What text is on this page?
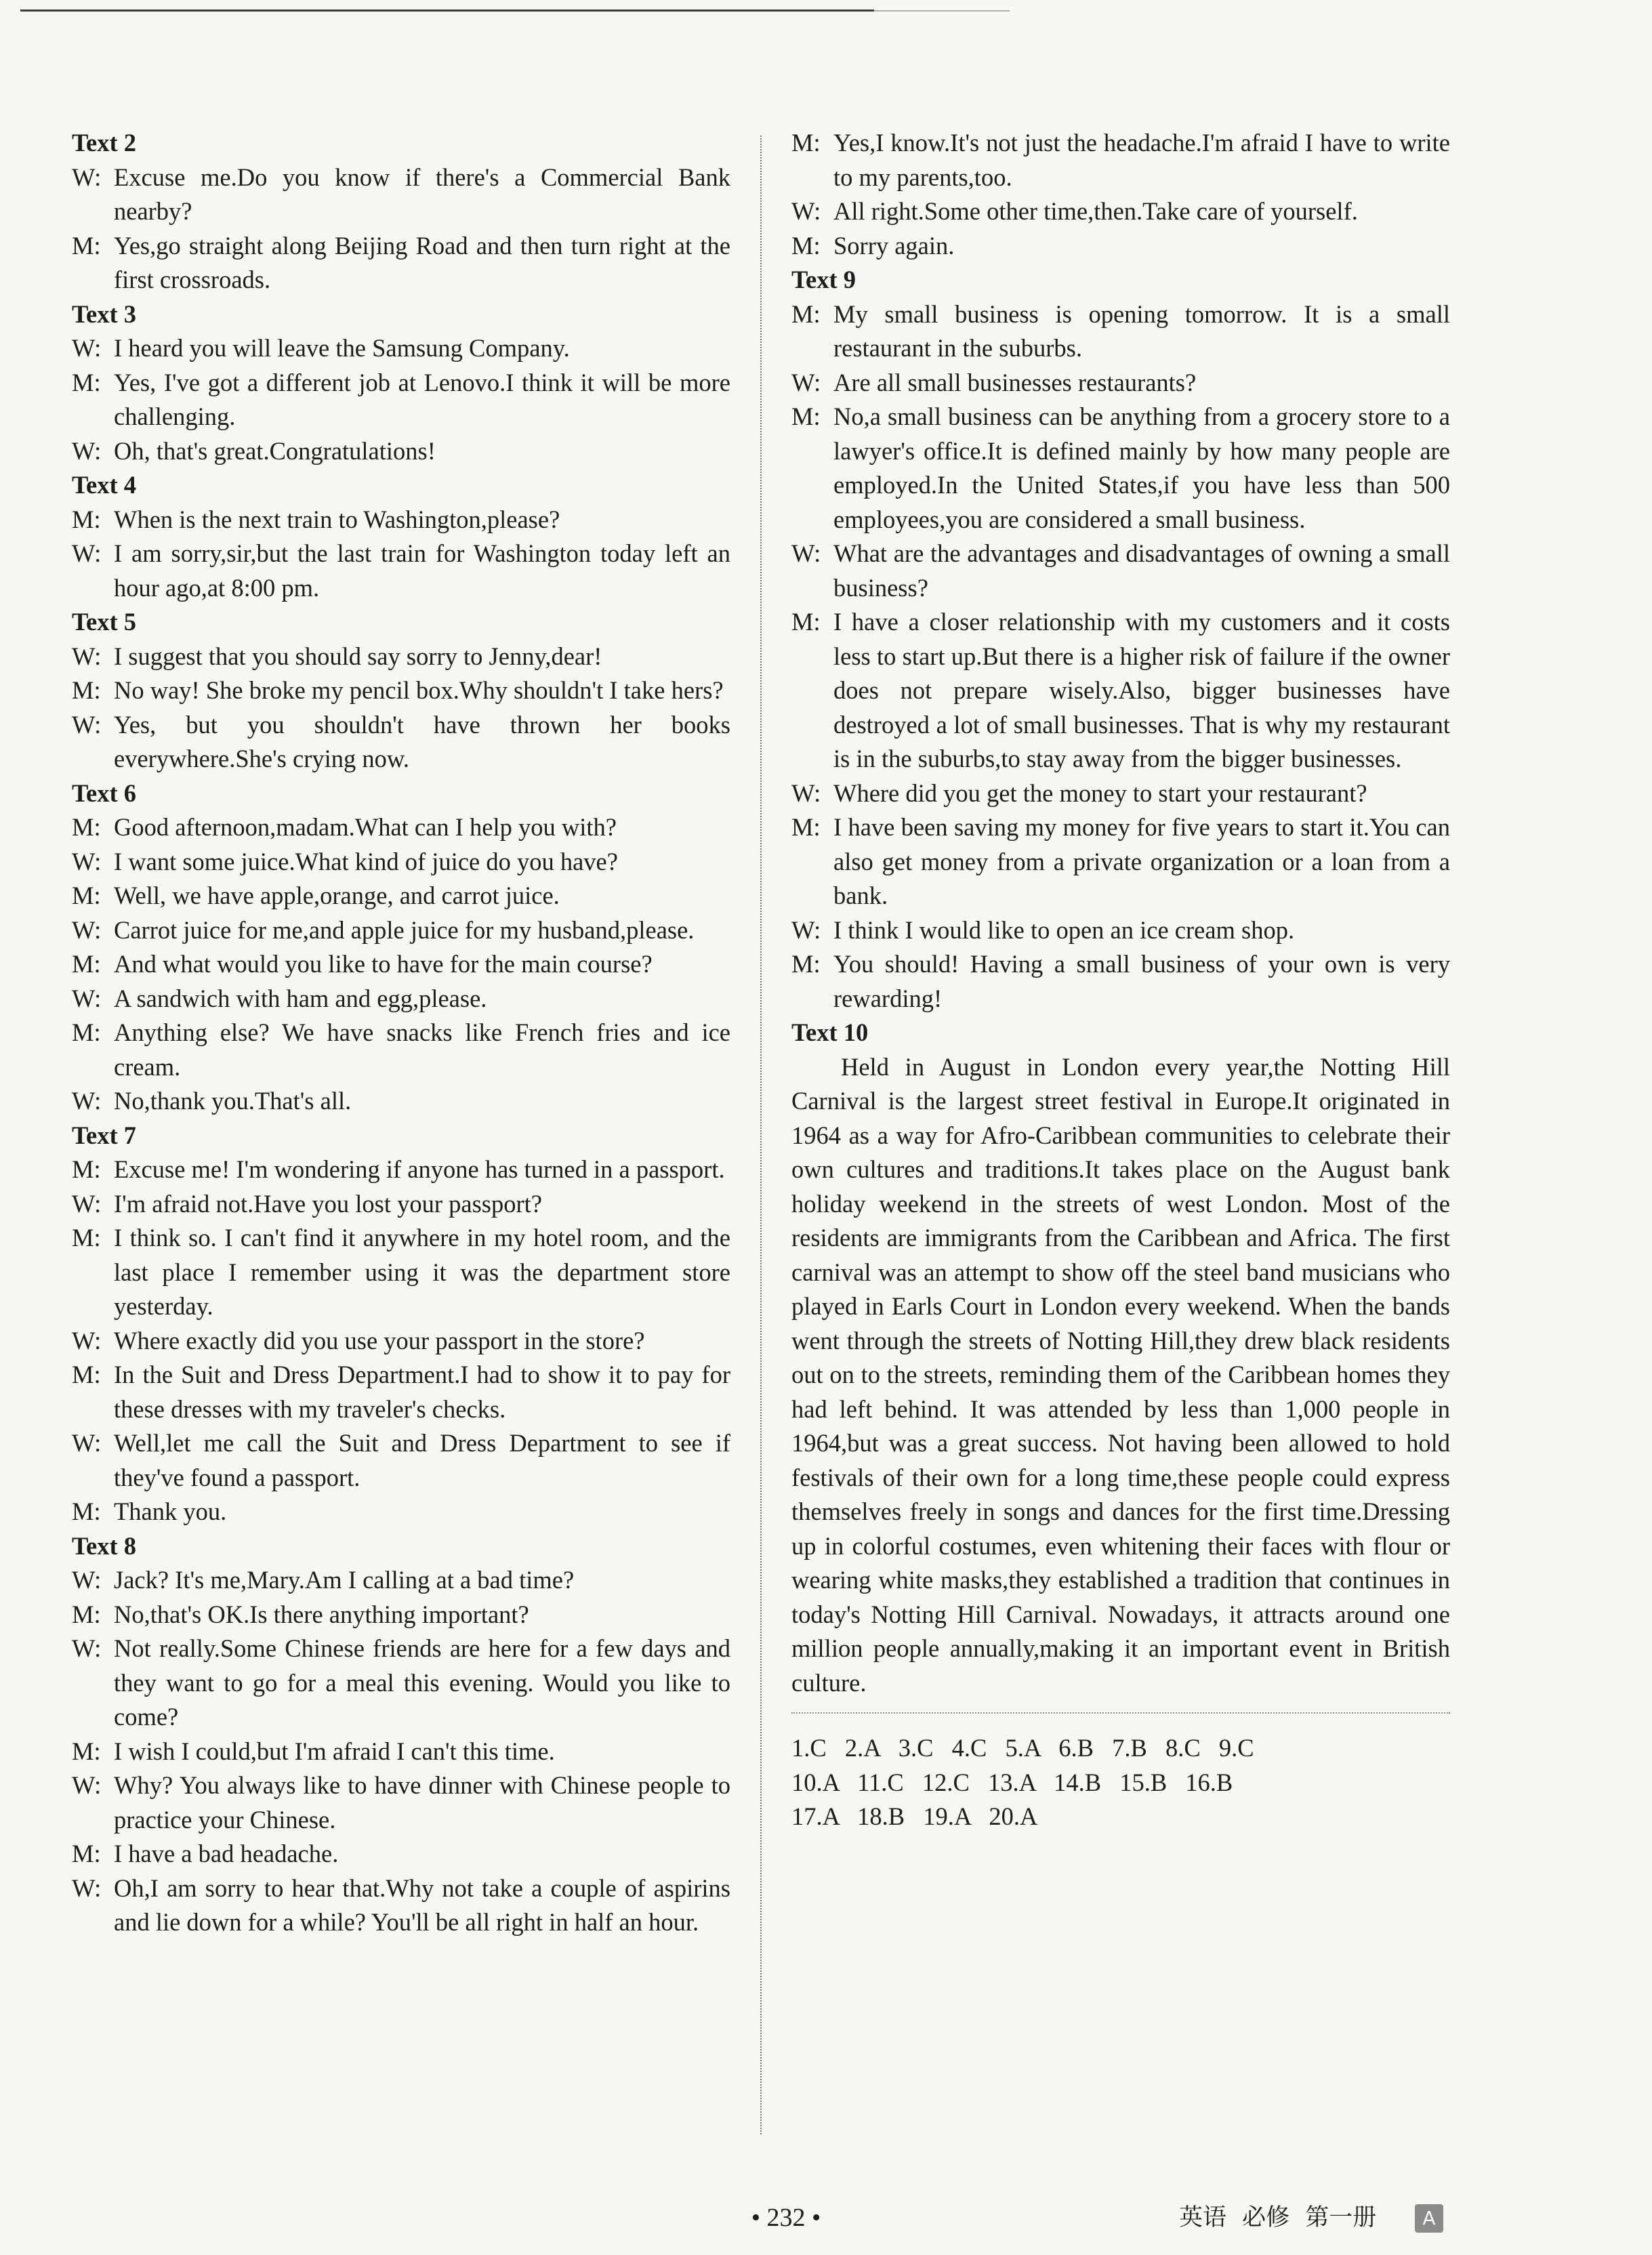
Text 2
W: Excuse me.Do you know if there's a Commercial Bank nearby?
M: Yes,go straight along Beijing Road and then turn right at the first crossroads.
Text 3
W: I heard you will leave the Samsung Company.
M: Yes, I've got a different job at Lenovo.I think it will be more challenging.
W: Oh, that's great.Congratulations!
Text 4
M: When is the next train to Washington,please?
W: I am sorry,sir,but the last train for Washington today left an hour ago,at 8:00 pm.
Text 5
W: I suggest that you should say sorry to Jenny,dear!
M: No way! She broke my pencil box.Why shouldn't I take hers?
W: Yes, but you shouldn't have thrown her books everywhere.She's crying now.
Text 6
M: Good afternoon,madam.What can I help you with?
W: I want some juice.What kind of juice do you have?
M: Well, we have apple,orange, and carrot juice.
W: Carrot juice for me,and apple juice for my husband,please.
M: And what would you like to have for the main course?
W: A sandwich with ham and egg,please.
M: Anything else? We have snacks like French fries and ice cream.
W: No,thank you.That's all.
Text 7
M: Excuse me! I'm wondering if anyone has turned in a passport.
W: I'm afraid not.Have you lost your passport?
M: I think so. I can't find it anywhere in my hotel room, and the last place I remember using it was the department store yesterday.
W: Where exactly did you use your passport in the store?
M: In the Suit and Dress Department.I had to show it to pay for these dresses with my traveler's checks.
W: Well,let me call the Suit and Dress Department to see if they've found a passport.
M: Thank you.
Text 8
W: Jack? It's me,Mary.Am I calling at a bad time?
M: No,that's OK.Is there anything important?
W: Not really.Some Chinese friends are here for a few days and they want to go for a meal this evening. Would you like to come?
M: I wish I could,but I'm afraid I can't this time.
W: Why? You always like to have dinner with Chinese people to practice your Chinese.
M: I have a bad headache.
W: Oh,I am sorry to hear that.Why not take a couple of aspirins and lie down for a while? You'll be all right in half an hour.
M: Yes,I know.It's not just the headache.I'm afraid I have to write to my parents,too.
W: All right.Some other time,then.Take care of yourself.
M: Sorry again.
Text 9
M: My small business is opening tomorrow. It is a small restaurant in the suburbs.
W: Are all small businesses restaurants?
M: No,a small business can be anything from a grocery store to a lawyer's office.It is defined mainly by how many people are employed.In the United States,if you have less than 500 employees,you are considered a small business.
W: What are the advantages and disadvantages of owning a small business?
M: I have a closer relationship with my customers and it costs less to start up.But there is a higher risk of failure if the owner does not prepare wisely.Also, bigger businesses have destroyed a lot of small businesses. That is why my restaurant is in the suburbs,to stay away from the bigger businesses.
W: Where did you get the money to start your restaurant?
M: I have been saving my money for five years to start it.You can also get money from a private organization or a loan from a bank.
W: I think I would like to open an ice cream shop.
M: You should! Having a small business of your own is very rewarding!
Text 10
Held in August in London every year,the Notting Hill Carnival is the largest street festival in Europe.It originated in 1964 as a way for Afro-Caribbean communities to celebrate their own cultures and traditions.It takes place on the August bank holiday weekend in the streets of west London. Most of the residents are immigrants from the Caribbean and Africa. The first carnival was an attempt to show off the steel band musicians who played in Earls Court in London every weekend. When the bands went through the streets of Notting Hill,they drew black residents out on to the streets, reminding them of the Caribbean homes they had left behind. It was attended by less than 1,000 people in 1964,but was a great success. Not having been allowed to hold festivals of their own for a long time,these people could express themselves freely in songs and dances for the first time.Dressing up in colorful costumes, even whitening their faces with flour or wearing white masks,they established a tradition that continues in today's Notting Hill Carnival. Nowadays, it attracts around one million people annually,making it an important event in British culture.
1.C 2.A 3.C 4.C 5.A 6.B 7.B 8.C 9.C
10.A 11.C 12.C 13.A 14.B 15.B 16.B
17.A 18.B 19.A 20.A
• 232 •	英语 必修 第一册	A
